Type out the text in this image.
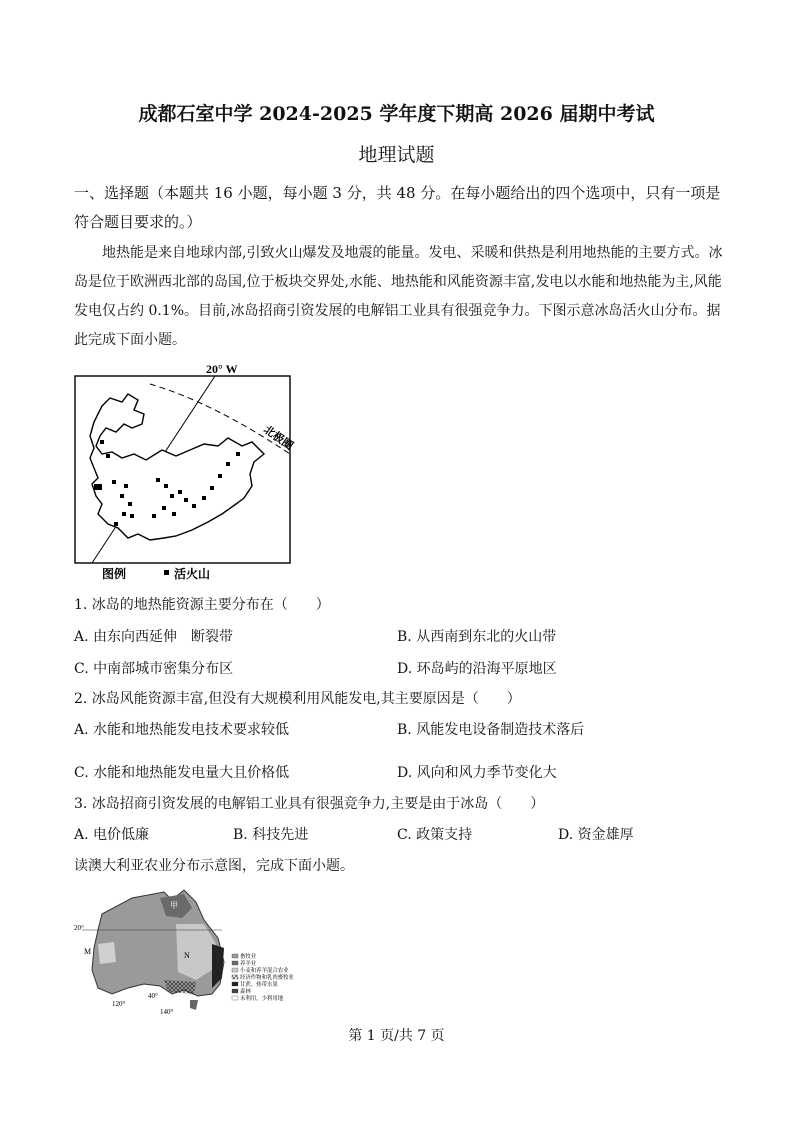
成都石室中学 2024-2025 学年度下期高 2026 届期中考试
地理试题
一、选择题（本题共 16 小题，每小题 3 分，共 48 分。在每小题给出的四个选项中，只有一项是符合题目要求的。）
地热能是来自地球内部,引致火山爆发及地震的能量。发电、采暖和供热是利用地热能的主要方式。冰岛是位于欧洲西北部的岛国,位于板块交界处,水能、地热能和风能资源丰富,发电以水能和地热能为主,风能发电仅占约 0.1%。目前,冰岛招商引资发展的电解铝工业具有很强竞争力。下图示意冰岛活火山分布。据此完成下面小题。
20° W
北极圈
图例	活火山
1. 冰岛的地热能资源主要分布在（　　）
A. 由东向西延伸　断裂带	B. 从西南到东北的火山带
C. 中南部城市密集分布区	D. 环岛屿的沿海平原地区
2. 冰岛风能资源丰富,但没有大规模利用风能发电,其主要原因是（　　）
A. 水能和地热能发电技术要求较低	B. 风能发电设备制造技术落后
C. 水能和地热能发电量大且价格低	D. 风向和风力季节变化大
3. 冰岛招商引资发展的电解铝工业具有很强竞争力,主要是由于冰岛（　　）
A. 电价低廉	B. 科技先进	C. 政策支持	D. 资金雄厚
读澳大利亚农业分布示意图，完成下面小题。
20°
120°
40°
140°
M	N
甲
畜牧业
养羊业
小麦和养羊混合农业
经济作物和乳肉畜牧业
甘蔗、热带水果
森林
未利用，少利用地
第 1 页/共 7 页
